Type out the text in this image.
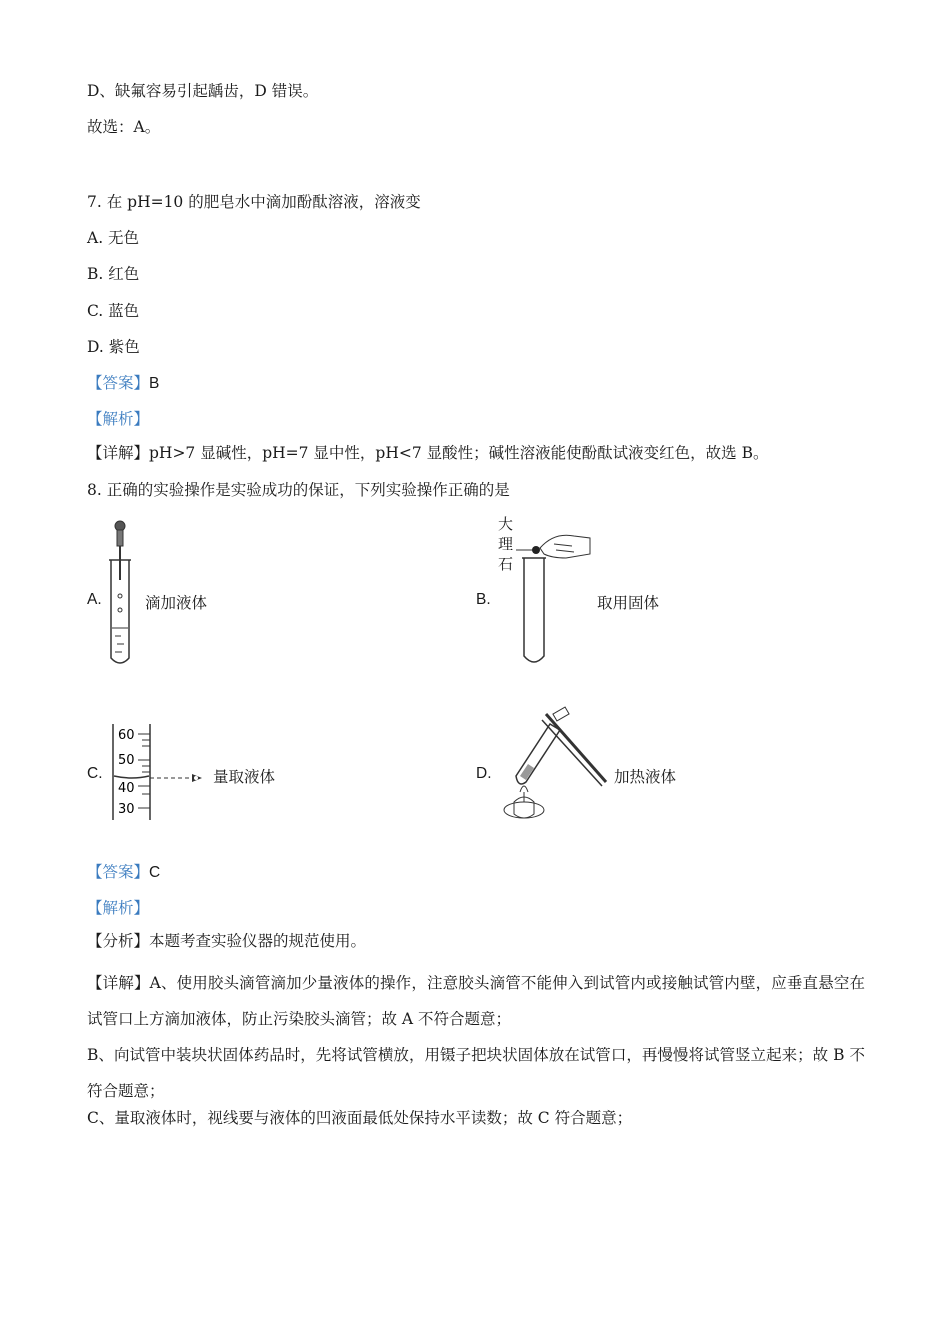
D、缺氟容易引起龋齿，D 错误。
故选：A。
7. 在 pH=10 的肥皂水中滴加酚酞溶液，溶液变
A. 无色
B. 红色
C. 蓝色
D. 紫色
【答案】B
【解析】
【详解】pH>7 显碱性，pH=7 显中性，pH<7 显酸性；碱性溶液能使酚酞试液变红色，故选 B。
8. 正确的实验操作是实验成功的保证，下列实验操作正确的是
A.	滴加液体	B.
大
理
石
取用固体
C.
60
50
40
30
量取液体	D.	加热液体
【答案】C
【解析】
【分析】本题考查实验仪器的规范使用。
【详解】A、使用胶头滴管滴加少量液体的操作，注意胶头滴管不能伸入到试管内或接触试管内壁，应垂直悬空在试管口上方滴加液体，防止污染胶头滴管；故 A 不符合题意；
B、向试管中装块状固体药品时，先将试管横放，用镊子把块状固体放在试管口，再慢慢将试管竖立起来；故 B 不符合题意；
C、量取液体时，视线要与液体的凹液面最低处保持水平读数；故 C 符合题意；
